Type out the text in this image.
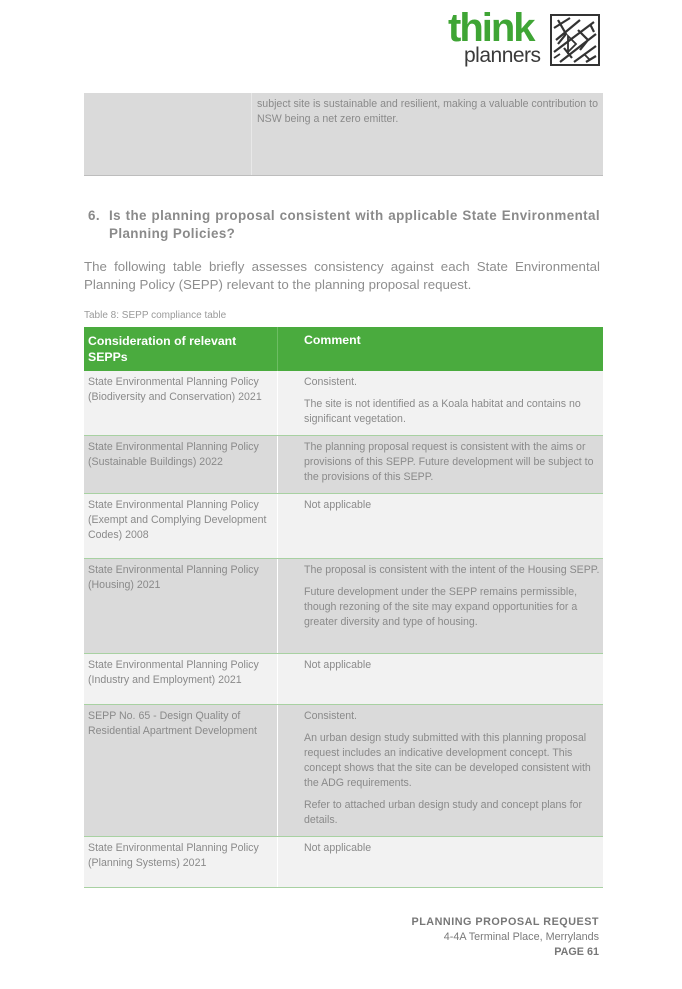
think
planners
subject site is sustainable and resilient, making a valuable contribution to NSW being a net zero emitter.
6. Is the planning proposal consistent with applicable State Environmental Planning Policies?
The following table briefly assesses consistency against each State Environmental Planning Policy (SEPP) relevant to the planning proposal request.
Table 8: SEPP compliance table
Consideration of relevant SEPPs
Comment
State Environmental Planning Policy (Biodiversity and Conservation) 2021

Consistent.

The site is not identified as a Koala habitat and contains no significant vegetation.

State Environmental Planning Policy (Sustainable Buildings) 2022

The planning proposal request is consistent with the aims or provisions of this SEPP. Future development will be subject to the provisions of this SEPP.

State Environmental Planning Policy (Exempt and Complying Development Codes) 2008

Not applicable

State Environmental Planning Policy (Housing) 2021

The proposal is consistent with the intent of the Housing SEPP.

Future development under the SEPP remains permissible, though rezoning of the site may expand opportunities for a greater diversity and type of housing.

State Environmental Planning Policy (Industry and Employment) 2021

Not applicable

SEPP No. 65 - Design Quality of Residential Apartment Development

Consistent.

An urban design study submitted with this planning proposal request includes an indicative development concept. This concept shows that the site can be developed consistent with the ADG requirements.

Refer to attached urban design study and concept plans for details.

State Environmental Planning Policy (Planning Systems) 2021

Not applicable

PLANNING PROPOSAL REQUEST
4-4A Terminal Place, Merrylands
PAGE 61
